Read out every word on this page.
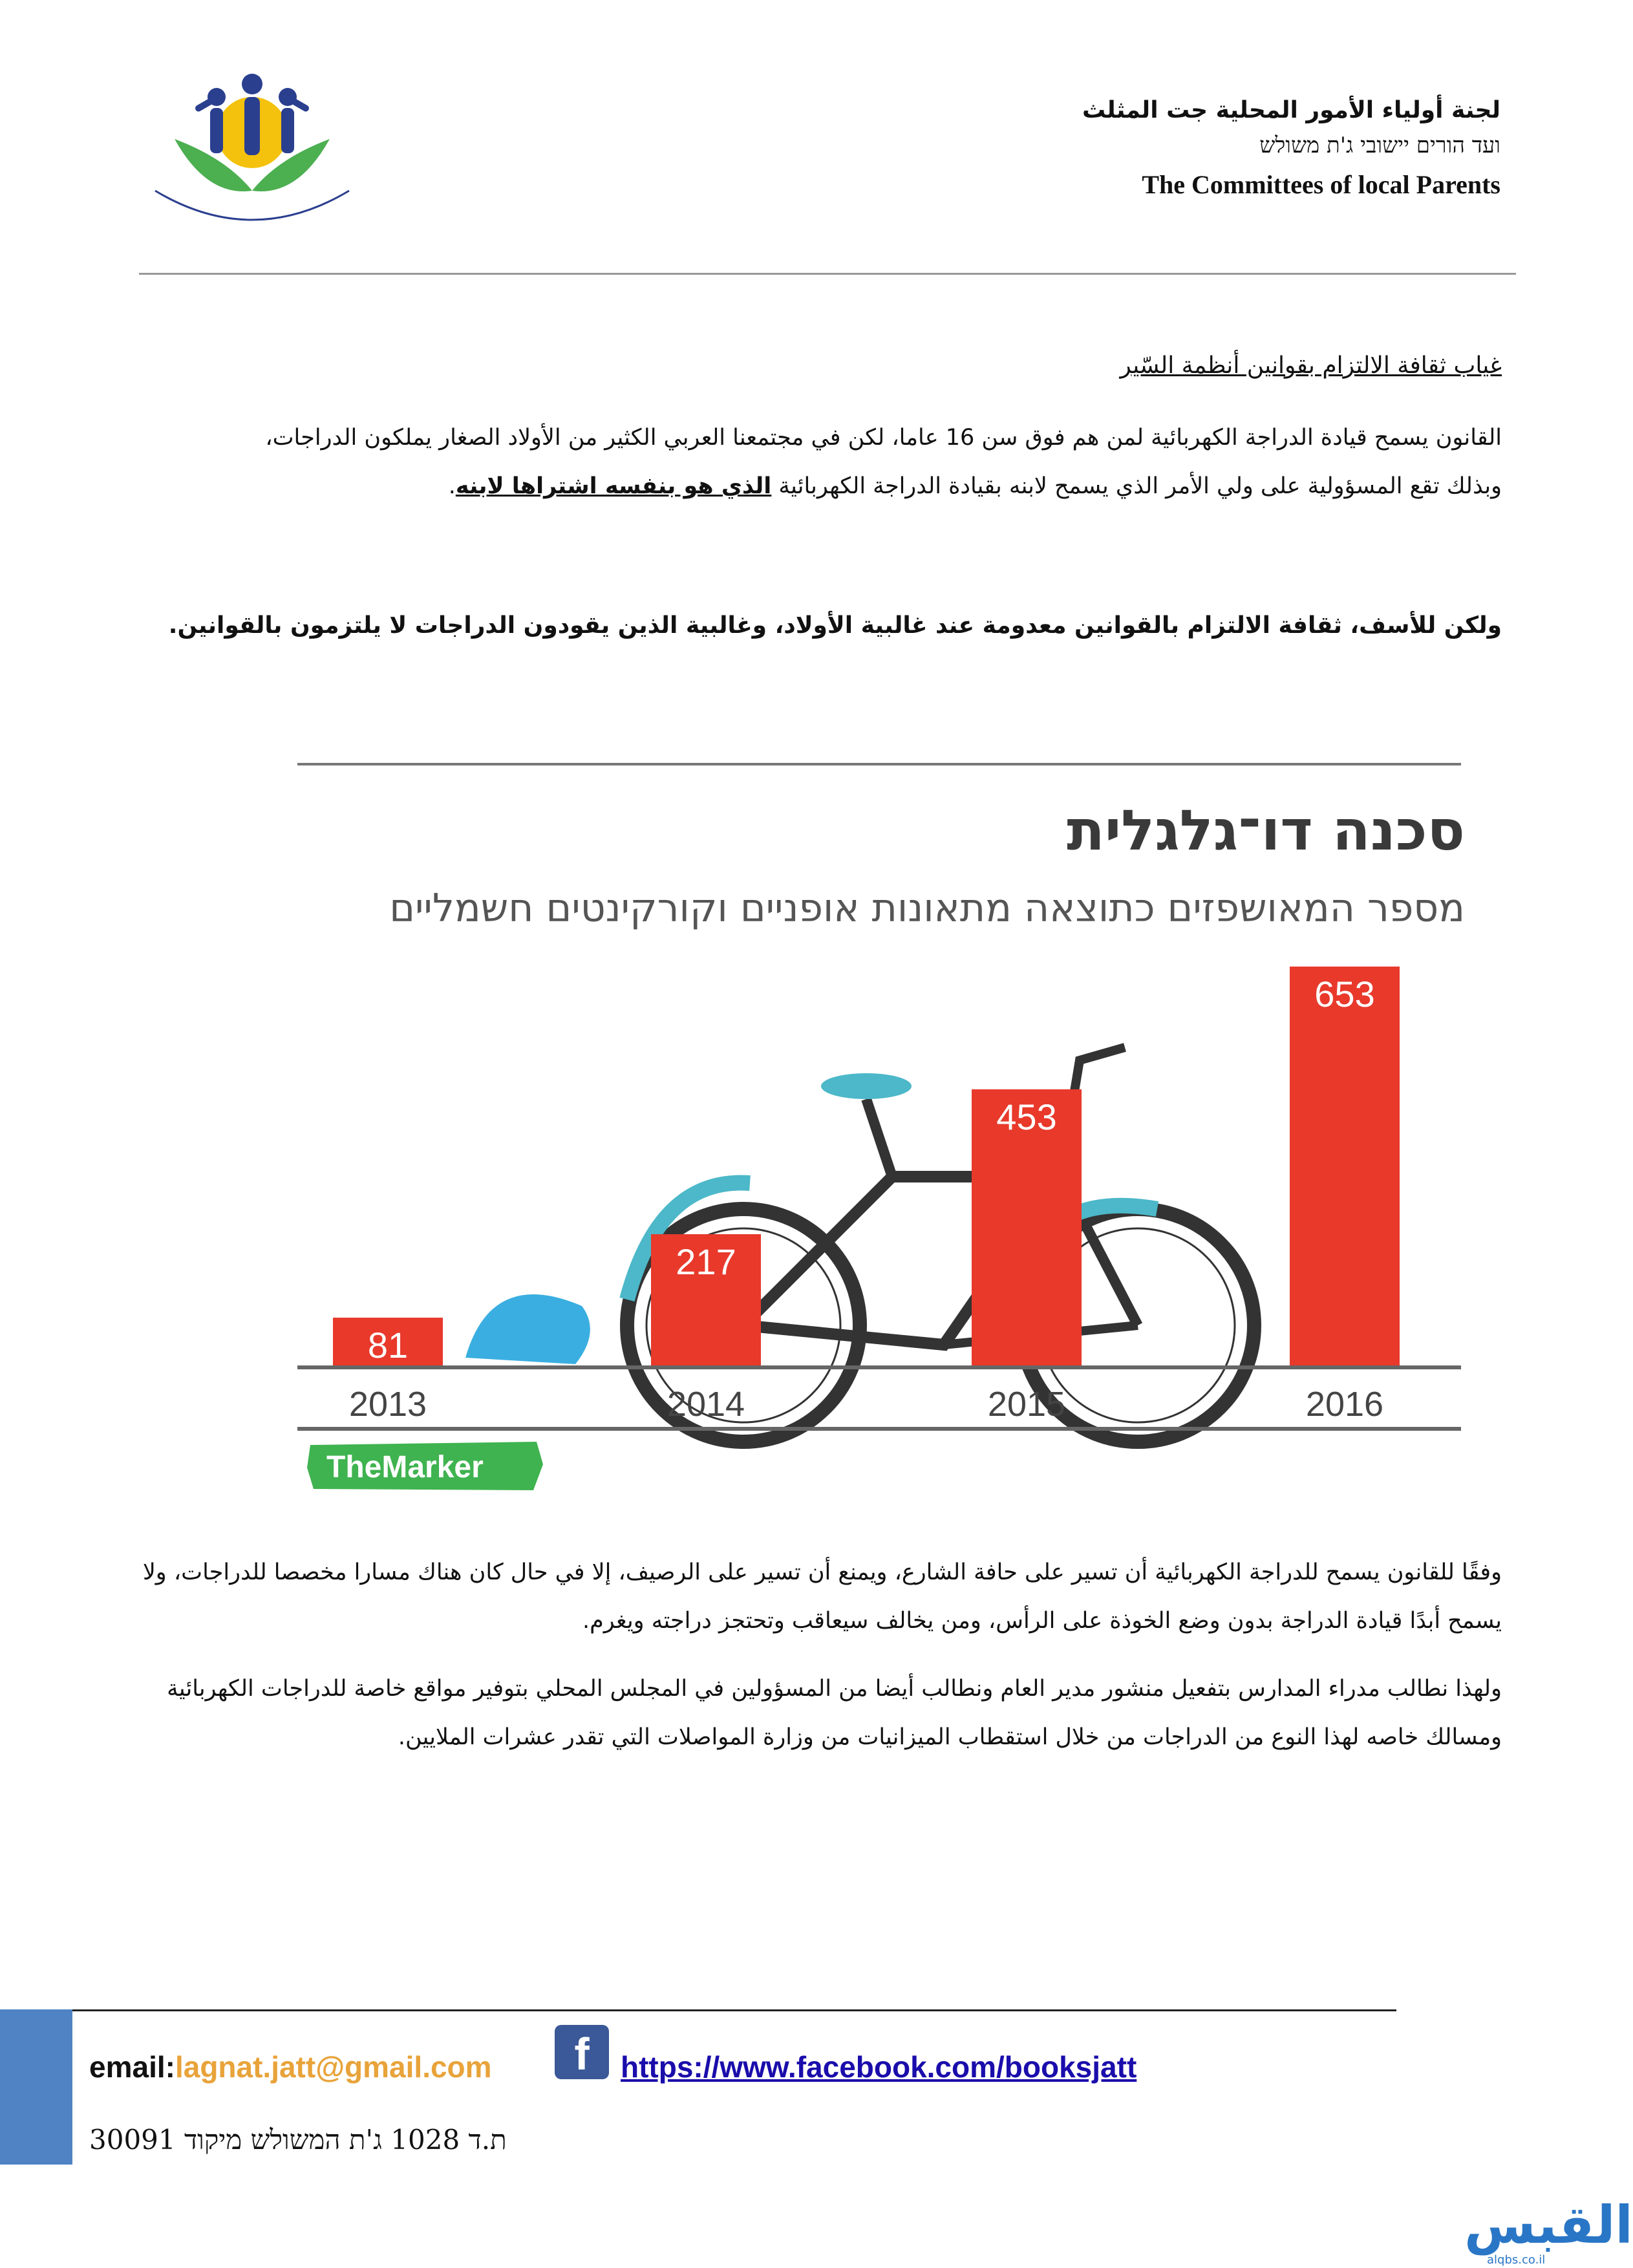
لجنة أولياء الأمور المحلية جت المثلث
ועד הורים יישובי ג'ת משולש
The Committees of local Parents
غياب ثقافة الالتزام بقوانين أنظمة السّير
القانون يسمح قيادة الدراجة الكهربائية لمن هم فوق سن 16 عاما، لكن في مجتمعنا العربي الكثير من الأولاد الصغار يملكون الدراجات،
وبذلك تقع المسؤولية على ولي الأمر الذي يسمح لابنه بقيادة الدراجة الكهربائية الذي هو بنفسه اشتراها لابنه.
ولكن للأسف، ثقافة الالتزام بالقوانين معدومة عند غالبية الأولاد، وغالبية الذين يقودون الدراجات لا يلتزمون بالقوانين.
81
2013
217
2014
453
2015
653
2016
סכנה דו־גלגלית
מספר המאושפזים כתוצאה מתאונות אופניים וקורקינטים חשמליים
TheMarker
وفقًا للقانون يسمح للدراجة الكهربائية أن تسير على حافة الشارع، ويمنع أن تسير على الرصيف، إلا في حال كان هناك مسارا مخصصا للدراجات، ولا يسمح أبدًا قيادة الدراجة بدون وضع الخوذة على الرأس، ومن يخالف سيعاقب وتحتجز دراجته ويغرم.
ولهذا نطالب مدراء المدارس بتفعيل منشور مدير العام ونطالب أيضا من المسؤولين في المجلس المحلي بتوفير مواقع خاصة للدراجات الكهربائية ومسالك خاصه لهذا النوع من الدراجات من خلال استقطاب الميزانيات من وزارة المواصلات التي تقدر عشرات الملايين.
email:lagnat.jatt@gmail.com	f	https://www.facebook.com/booksjatt
ת.ד 1028 ג'ת המשולש מיקוד 30091
القبس
alqbs.co.il
